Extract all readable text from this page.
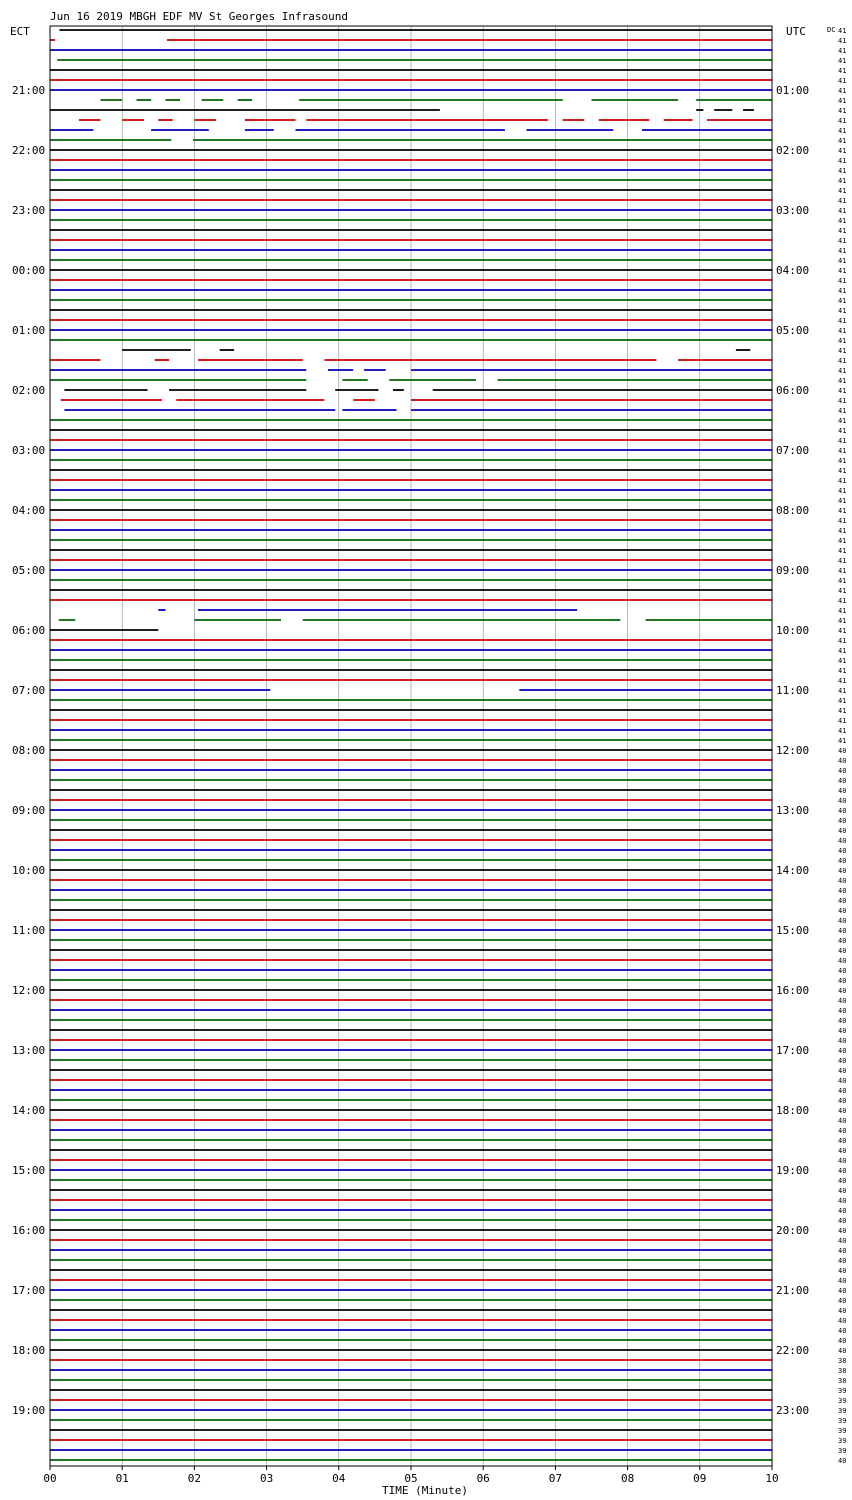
Jun 16 2019 MBGH EDF MV St Georges Infrasound
ECT	UTC	DC
21:00
22:00
23:00
00:00
01:00
02:00
03:00
04:00
05:00
06:00
07:00
08:00
09:00
10:00
11:00
12:00
13:00
14:00
15:00
16:00
17:00
18:00
19:00
01:00
02:00
03:00
04:00
05:00
06:00
07:00
08:00
09:00
10:00
11:00
12:00
13:00
14:00
15:00
16:00
17:00
18:00
19:00
20:00
21:00
22:00
23:00
41
41
41
41
41
41
41
41
41
41
41
41
41
41
41
41
41
41
41
41
41
41
41
41
41
41
41
41
41
41
41
41
41
41
41
41
41
41
41
41
41
41
41
41
41
41
41
41
41
41
41
41
41
41
41
41
41
41
41
41
41
41
41
41
41
41
41
41
41
41
41
41
40
40
40
40
40
40
40
40
40
40
40
40
40
40
40
40
40
40
40
40
40
40
40
40
40
40
40
40
40
40
40
40
40
40
40
40
40
40
40
40
40
40
40
40
40
40
40
40
40
40
40
40
40
40
40
40
40
40
40
40
40
38
38
38
39
39
39
39
39
39
39
40
00	01	02	03	04	05	06	07	08	09	10
TIME (Minute)
